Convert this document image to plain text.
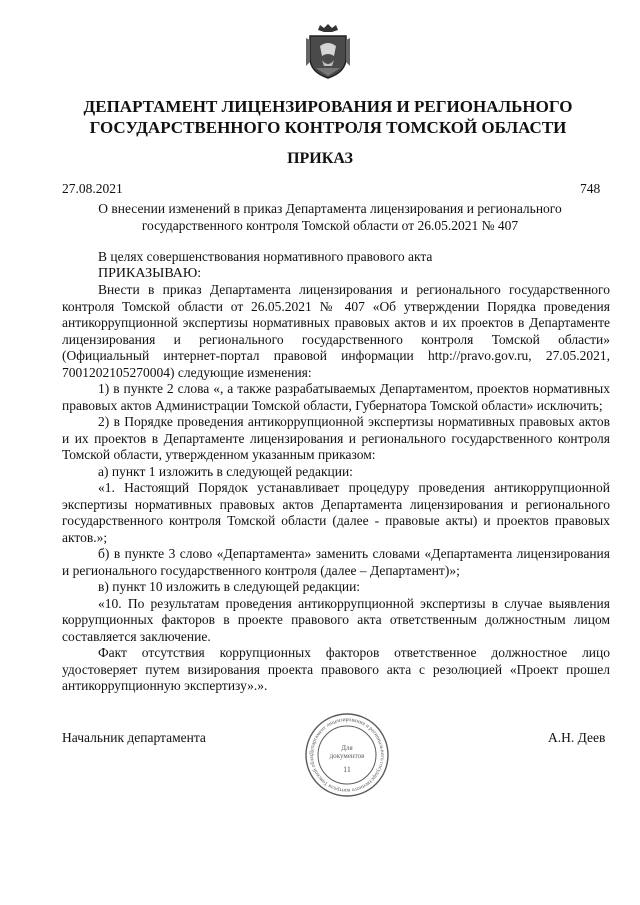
ДЕПАРТАМЕНТ ЛИЦЕНЗИРОВАНИЯ И РЕГИОНАЛЬНОГО
ГОСУДАРСТВЕННОГО КОНТРОЛЯ ТОМСКОЙ ОБЛАСТИ
ПРИКАЗ
27.08.2021	748
О внесении изменений в приказ Департамента лицензирования и регионального
государственного контроля Томской области от 26.05.2021 № 407

В целях совершенствования нормативного правового акта

ПРИКАЗЫВАЮ:

Внести в приказ Департамента лицензирования и регионального государственного контроля Томской области от 26.05.2021 № 407 «Об утверждении Порядка проведения антикоррупционной экспертизы нормативных правовых актов и их проектов в Департаменте лицензирования и регионального государственного контроля Томской области» (Официальный интернет-портал правовой информации http://pravo.gov.ru, 27.05.2021, 7001202105270004) следующие изменения:

1) в пункте 2 слова «, а также разрабатываемых Департаментом, проектов нормативных правовых актов Администрации Томской области, Губернатора Томской области» исключить;

2) в Порядке проведения антикоррупционной экспертизы нормативных правовых актов и их проектов в Департаменте лицензирования и регионального государственного контроля Томской области, утвержденном указанным приказом:

а) пункт 1 изложить в следующей редакции:

«1. Настоящий Порядок устанавливает процедуру проведения антикоррупционной экспертизы нормативных правовых актов Департамента лицензирования и регионального государственного контроля Томской области (далее - правовые акты) и проектов правовых актов.»;

б) в пункте 3 слово «Департамента» заменить словами «Департамента лицензирования и регионального государственного контроля (далее – Департамент)»;

в) пункт 10 изложить в следующей редакции:

«10. По результатам проведения антикоррупционной экспертизы в случае выявления коррупционных факторов в проекте правового акта ответственным должностным лицом составляется заключение.

Факт отсутствия коррупционных факторов ответственное должностное лицо удостоверяет путем визирования проекта правового акта с резолюцией «Проект прошел антикоррупционную экспертизу».».

Начальник департамента	А.Н. Деев
Департамент лицензирования и регионального государственного контроля Томской облас
Для
документов
11
